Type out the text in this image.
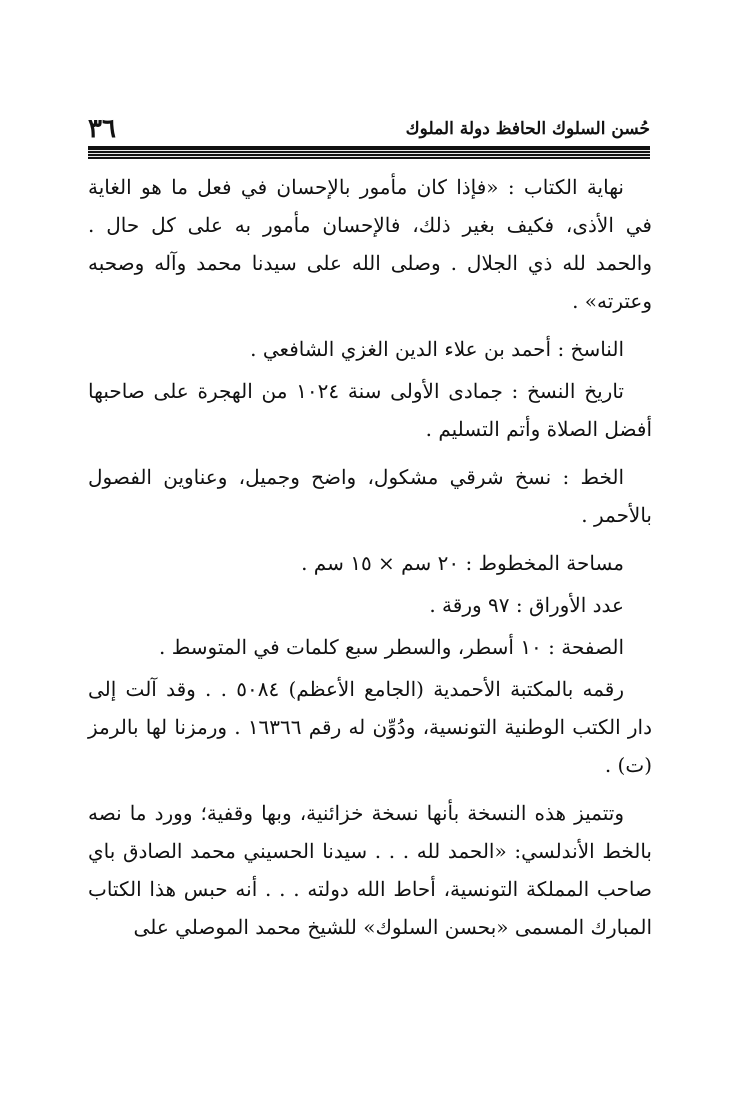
٣٦	حُسن السلوك الحافظ دولة الملوك

نهاية الكتاب : «فإذا كان مأمور بالإحسان في فعل ما هو الغاية في الأذى، فكيف بغير ذلك، فالإحسان مأمور به على كل حال . والحمد لله ذي الجلال . وصلى الله على سيدنا محمد وآله وصحبه وعترته» .

الناسخ : أحمد بن علاء الدين الغزي الشافعي .

تاريخ النسخ : جمادى الأولى سنة ١٠٢٤ من الهجرة على صاحبها أفضل الصلاة وأتم التسليم .

الخط : نسخ شرقي مشكول، واضح وجميل، وعناوين الفصول بالأحمر .

مساحة المخطوط : ٢٠ سم × ١٥ سم .

عدد الأوراق : ٩٧ ورقة .

الصفحة : ١٠ أسطر، والسطر سبع كلمات في المتوسط .

رقمه بالمكتبة الأحمدية (الجامع الأعظم) ٥٠٨٤ . . وقد آلت إلى دار الكتب الوطنية التونسية، ودُوِّن له رقم ١٦٣٦٦ . ورمزنا لها بالرمز (ت) .

وتتميز هذه النسخة بأنها نسخة خزائنية، وبها وقفية؛ وورد ما نصه بالخط الأندلسي: «الحمد لله . . . سيدنا الحسيني محمد الصادق باي صاحب المملكة التونسية، أحاط الله دولته . . . أنه حبس هذا الكتاب المبارك المسمى «بحسن السلوك» للشيخ محمد الموصلي على
